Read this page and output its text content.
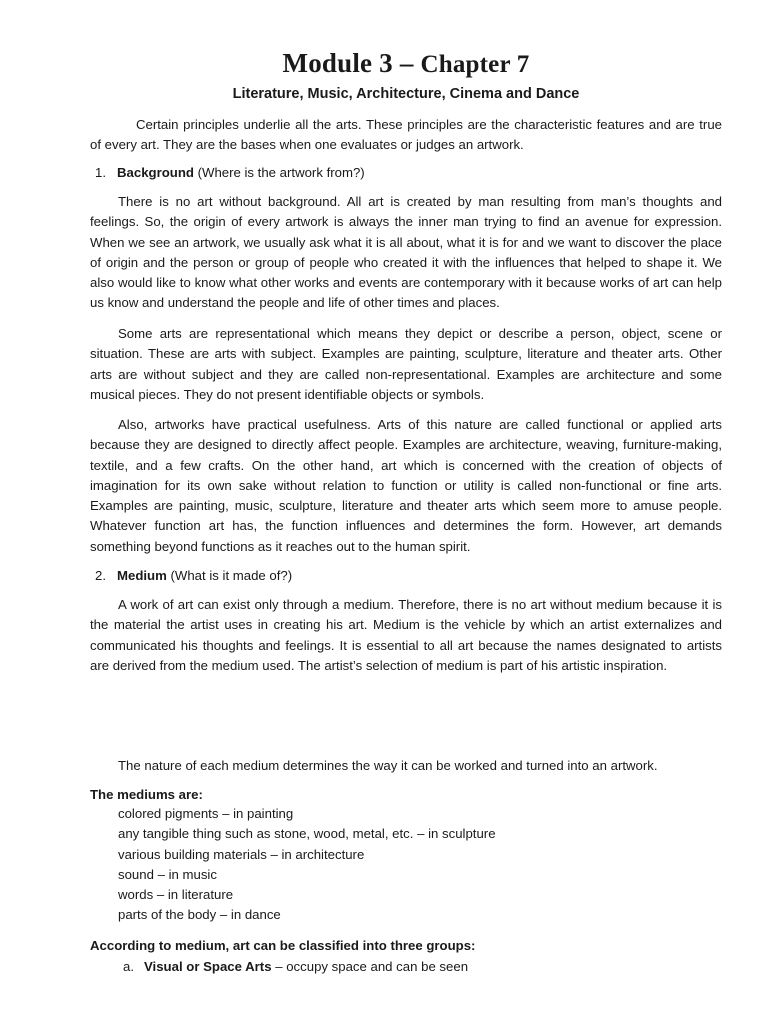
Module 3 – Chapter 7
Literature, Music, Architecture, Cinema and Dance

Certain principles underlie all the arts. These principles are the characteristic features and are true of every art. They are the bases when one evaluates or judges an artwork.

1. Background (Where is the artwork from?)

There is no art without background. All art is created by man resulting from man’s thoughts and feelings. So, the origin of every artwork is always the inner man trying to find an avenue for expression. When we see an artwork, we usually ask what it is all about, what it is for and we want to discover the place of origin and the person or group of people who created it with the influences that helped to shape it. We also would like to know what other works and events are contemporary with it because works of art can help us know and understand the people and life of other times and places.

Some arts are representational which means they depict or describe a person, object, scene or situation. These are arts with subject. Examples are painting, sculpture, literature and theater arts. Other arts are without subject and they are called non-representational. Examples are architecture and some musical pieces. They do not present identifiable objects or symbols.

Also, artworks have practical usefulness. Arts of this nature are called functional or applied arts because they are designed to directly affect people. Examples are architecture, weaving, furniture-making, textile, and a few crafts. On the other hand, art which is concerned with the creation of objects of imagination for its own sake without relation to function or utility is called non-functional or fine arts. Examples are painting, music, sculpture, literature and theater arts which seem more to amuse people. Whatever function art has, the function influences and determines the form. However, art demands something beyond functions as it reaches out to the human spirit.

2. Medium (What is it made of?)

A work of art can exist only through a medium. Therefore, there is no art without medium because it is the material the artist uses in creating his art. Medium is the vehicle by which an artist externalizes and communicated his thoughts and feelings. It is essential to all art because the names designated to artists are derived from the medium used. The artist’s selection of medium is part of his artistic inspiration.

The nature of each medium determines the way it can be worked and turned into an artwork.

The mediums are:

colored pigments – in painting
any tangible thing such as stone, wood, metal, etc. – in sculpture
various building materials – in architecture
sound – in music
words – in literature
parts of the body – in dance

According to medium, art can be classified into three groups:

a. Visual or Space Arts – occupy space and can be seen
